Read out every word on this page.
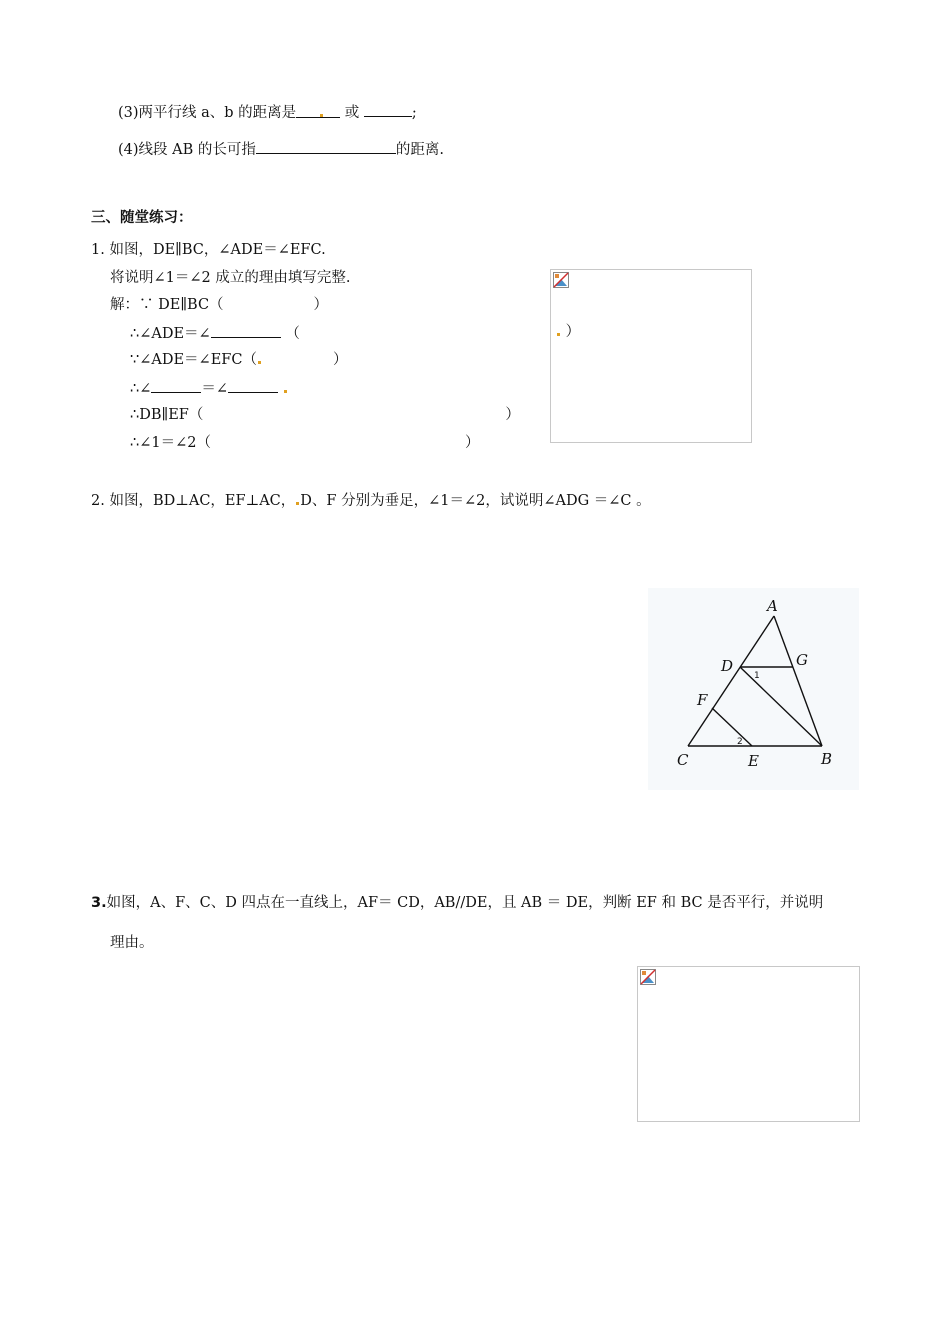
(3)两平行线 a、b 的距离是	或	;
(4)线段 AB 的长可指	的距离.
三、随堂练习：
1. 如图，DE∥BC，∠ADE＝∠EFC.
将说明∠1＝∠2 成立的理由填写完整.
解：∵ DE∥BC（	）
∴∠ADE＝∠	（
∵∠ADE＝∠EFC（	）
∴∠	＝∠
∴DB∥EF（	）
∴∠1＝∠2（	）
）
2. 如图，BD⊥AC，EF⊥AC， D、F 分别为垂足，∠1＝∠2，试说明∠ADG ＝∠C 。
A
D	G
F
C	E	B
1
2
3.如图，A、F、C、D 四点在一直线上，AF＝ CD，AB//DE，且 AB ＝ DE，判断 EF 和 BC 是否平行，并说明
理由。
